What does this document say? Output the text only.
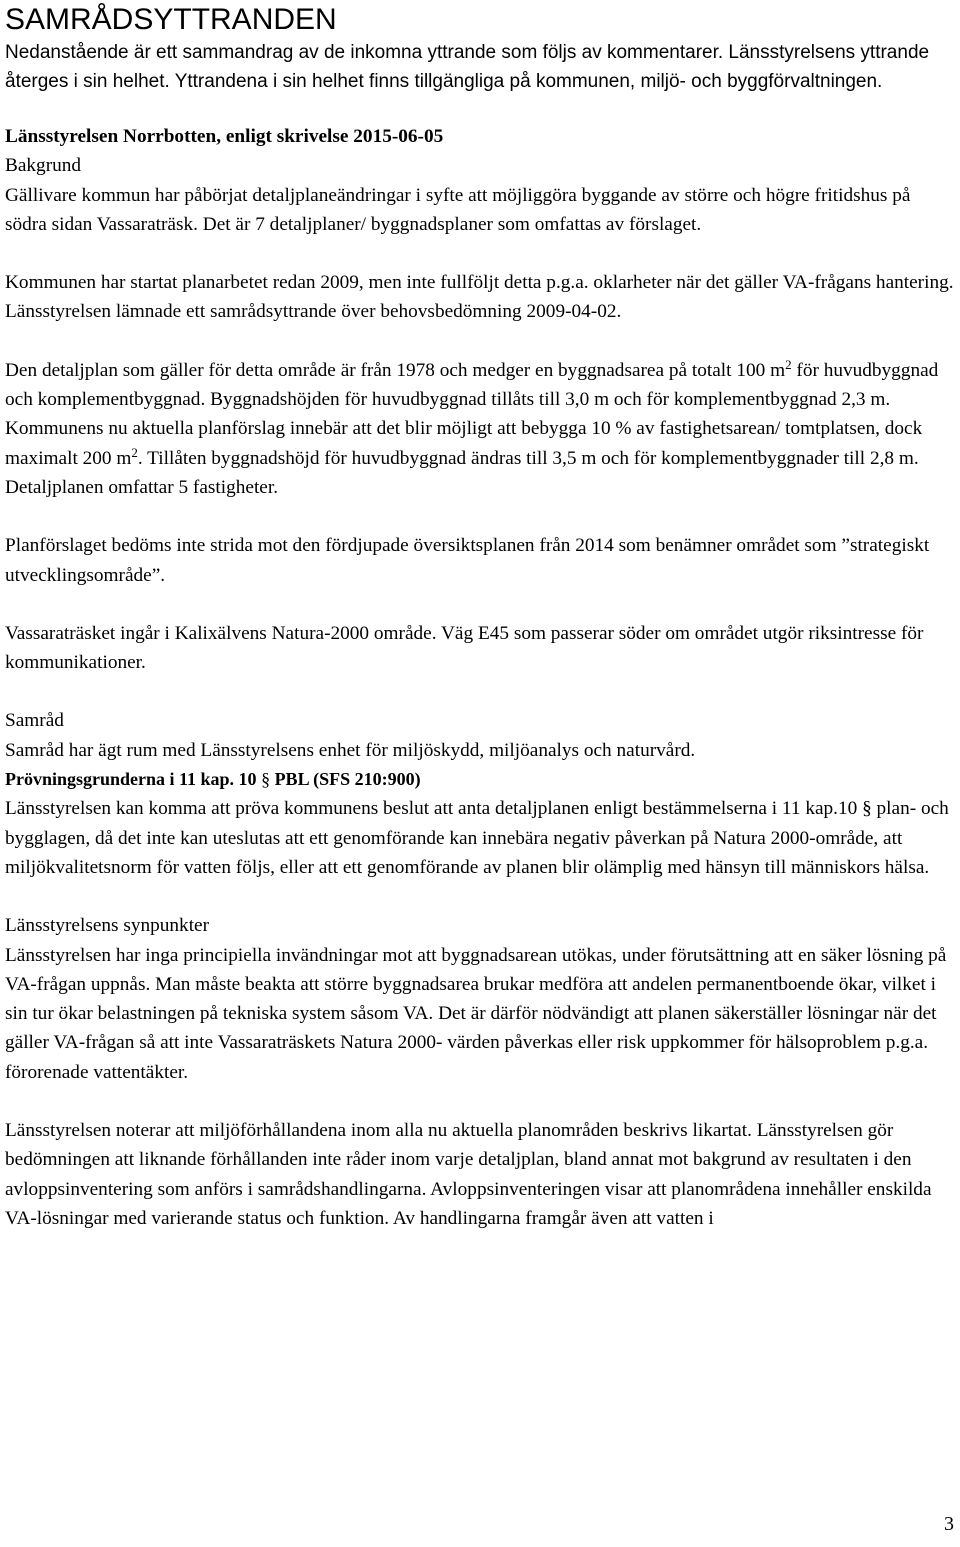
SAMRÅDSYTTRANDEN

Nedanstående är ett sammandrag av de inkomna yttrande som följs av kommentarer. Länsstyrelsens yttrande återges i sin helhet. Yttrandena i sin helhet finns tillgängliga på kommunen, miljö- och byggförvaltningen.

Länsstyrelsen Norrbotten, enligt skrivelse 2015-06-05

Bakgrund

Gällivare kommun har påbörjat detaljplaneändringar i syfte att möjliggöra byggande av större och högre fritidshus på södra sidan Vassaraträsk. Det är 7 detaljplaner/ byggnadsplaner som omfattas av förslaget.

Kommunen har startat planarbetet redan 2009, men inte fullföljt detta p.g.a. oklarheter när det gäller VA-frågans hantering. Länsstyrelsen lämnade ett samrådsyttrande över behovsbedömning 2009-04-02.

Den detaljplan som gäller för detta område är från 1978 och medger en byggnadsarea på totalt 100 $m^2$ för huvudbyggnad och komplementbyggnad. Byggnadshöjden för huvudbyggnad tillåts till 3,0 m och för komplementbyggnad 2,3 m. Kommunens nu aktuella planförslag innebär att det blir möjligt att bebygga 10 % av fastighetsarean/ tomtplatsen, dock maximalt 200 $m^2$. Tillåten byggnadshöjd för huvudbyggnad ändras till 3,5 m och för komplementbyggnader till 2,8 m. Detaljplanen omfattar 5 fastigheter.

Planförslaget bedöms inte strida mot den fördjupade översiktsplanen från 2014 som benämner området som ”strategiskt utvecklingsområde”.

Vassaraträsket ingår i Kalixälvens Natura-2000 område. Väg E45 som passerar söder om området utgör riksintresse för kommunikationer.

Samråd

Samråd har ägt rum med Länsstyrelsens enhet för miljöskydd, miljöanalys och naturvård.

Prövningsgrunderna i 11 kap. 10 § PBL (SFS 210:900)

Länsstyrelsen kan komma att pröva kommunens beslut att anta detaljplanen enligt bestämmelserna i 11 kap.10 § plan- och bygglagen, då det inte kan uteslutas att ett genomförande kan innebära negativ påverkan på Natura 2000-område, att miljökvalitetsnorm för vatten följs, eller att ett genomförande av planen blir olämplig med hänsyn till människors hälsa.

Länsstyrelsens synpunkter

Länsstyrelsen har inga principiella invändningar mot att byggnadsarean utökas, under förutsättning att en säker lösning på VA-frågan uppnås. Man måste beakta att större byggnadsarea brukar medföra att andelen permanentboende ökar, vilket i sin tur ökar belastningen på tekniska system såsom VA. Det är därför nödvändigt att planen säkerställer lösningar när det gäller VA-frågan så att inte Vassaraträskets Natura 2000- värden påverkas eller risk uppkommer för hälsoproblem p.g.a. förorenade vattentäkter.

Länsstyrelsen noterar att miljöförhållandena inom alla nu aktuella planområden beskrivs likartat. Länsstyrelsen gör bedömningen att liknande förhållanden inte råder inom varje detaljplan, bland annat mot bakgrund av resultaten i den avloppsinventering som anförs i samrådshandlingarna. Avloppsinventeringen visar att planområdena innehåller enskilda VA-lösningar med varierande status och funktion. Av handlingarna framgår även att vatten i

3
